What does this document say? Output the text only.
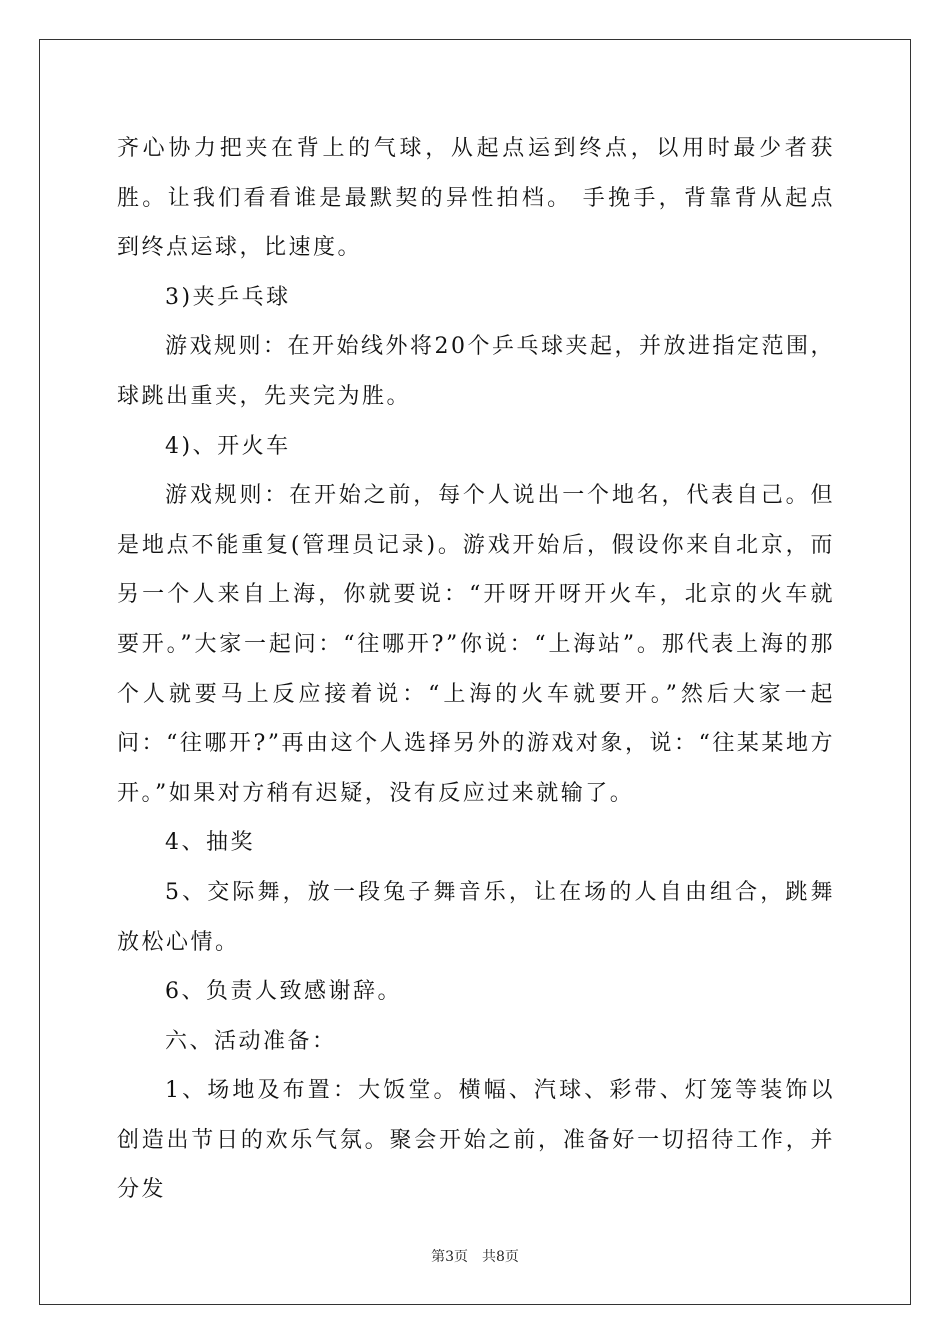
齐心协力把夹在背上的气球，从起点运到终点，以用时最少者获胜。让我们看看谁是最默契的异性拍档。 手挽手，背靠背从起点到终点运球，比速度。

3)夹乒乓球

游戏规则：在开始线外将20个乒乓球夹起，并放进指定范围，球跳出重夹，先夹完为胜。

4)、开火车

游戏规则：在开始之前，每个人说出一个地名，代表自己。但是地点不能重复(管理员记录)。游戏开始后，假设你来自北京，而另一个人来自上海，你就要说：“开呀开呀开火车，北京的火车就要开。”大家一起问：“往哪开?”你说：“上海站”。那代表上海的那个人就要马上反应接着说：“上海的火车就要开。”然后大家一起问：“往哪开?”再由这个人选择另外的游戏对象，说：“往某某地方开。”如果对方稍有迟疑，没有反应过来就输了。

4、抽奖

5、交际舞，放一段兔子舞音乐，让在场的人自由组合，跳舞放松心情。

6、负责人致感谢辞。

六、活动准备：

1、场地及布置：大饭堂。横幅、汽球、彩带、灯笼等装饰以创造出节日的欢乐气氛。聚会开始之前，准备好一切招待工作，并分发

第3页　共8页
